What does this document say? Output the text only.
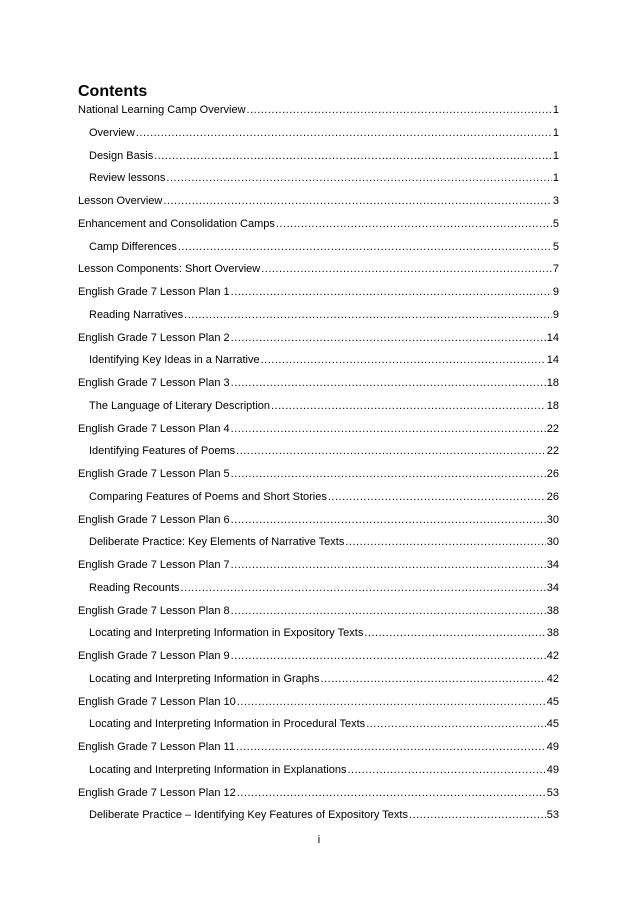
Contents
National Learning Camp Overview .....	1
Overview .....	1
Design Basis .....	1
Review lessons .....	1
Lesson Overview .....	3
Enhancement and Consolidation Camps .....	5
Camp Differences .....	5
Lesson Components: Short Overview .....	7
English Grade 7 Lesson Plan 1 .....	9
Reading Narratives .....	9
English Grade 7 Lesson Plan 2 .....	14
Identifying Key Ideas in a Narrative .....	14
English Grade 7 Lesson Plan 3 .....	18
The Language of Literary Description .....	18
English Grade 7 Lesson Plan 4 .....	22
Identifying Features of Poems .....	22
English Grade 7 Lesson Plan 5 .....	26
Comparing Features of Poems and Short Stories .....	26
English Grade 7 Lesson Plan 6 .....	30
Deliberate Practice: Key Elements of Narrative Texts .....	30
English Grade 7 Lesson Plan 7 .....	34
Reading Recounts .....	34
English Grade 7 Lesson Plan 8 .....	38
Locating and Interpreting Information in Expository Texts .....	38
English Grade 7 Lesson Plan 9 .....	42
Locating and Interpreting Information in Graphs .....	42
English Grade 7 Lesson Plan 10 .....	45
Locating and Interpreting Information in Procedural Texts .....	45
English Grade 7 Lesson Plan 11 .....	49
Locating and Interpreting Information in Explanations .....	49
English Grade 7 Lesson Plan 12 .....	53
Deliberate Practice – Identifying Key Features of Expository Texts .....	53
i
